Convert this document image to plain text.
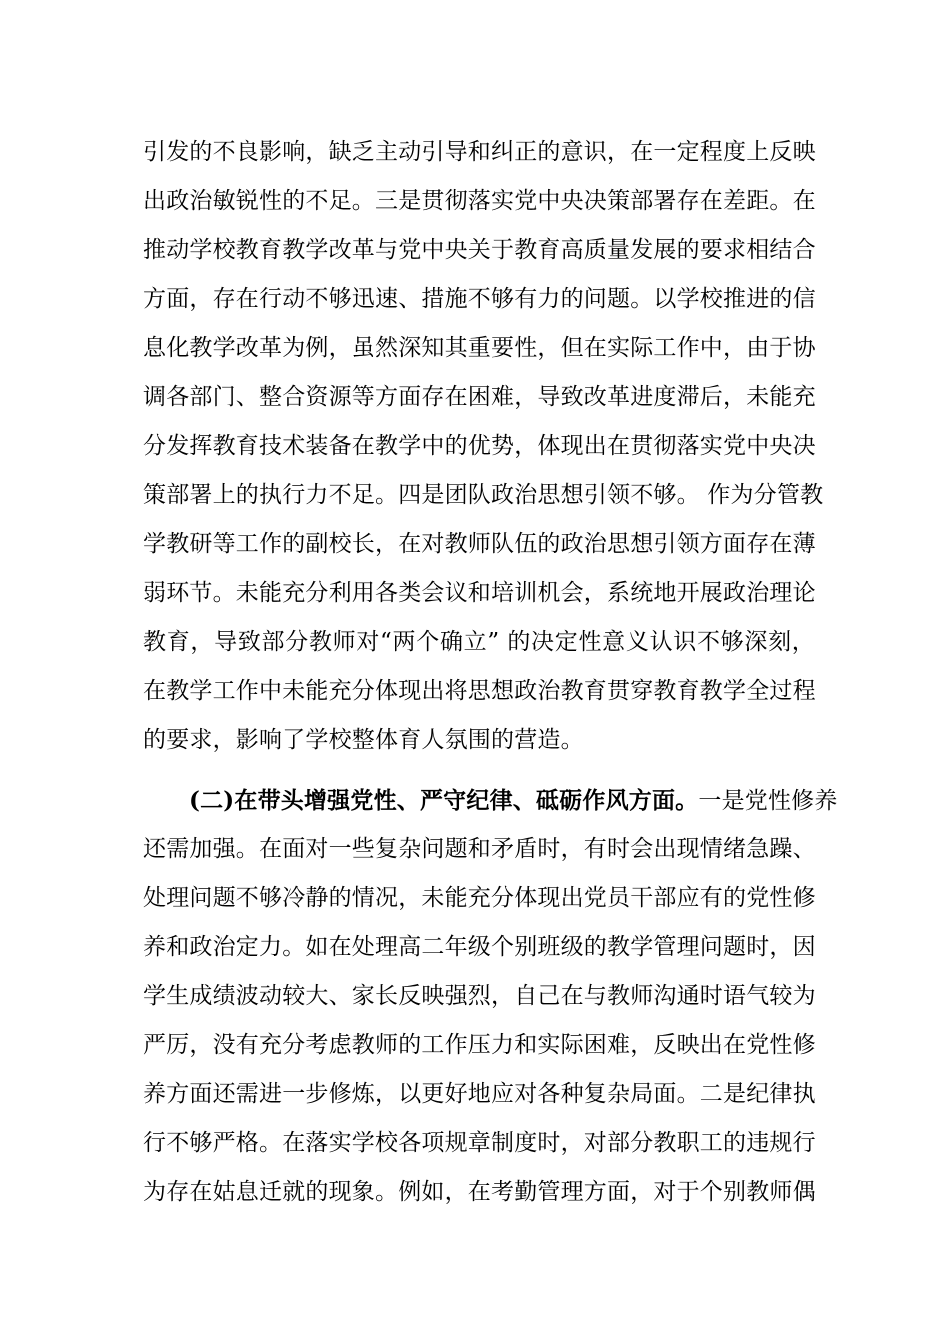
引发的不良影响，缺乏主动引导和纠正的意识，在一定程度上反映
出政治敏锐性的不足。三是贯彻落实党中央决策部署存在差距。在
推动学校教育教学改革与党中央关于教育高质量发展的要求相结合
方面，存在行动不够迅速、措施不够有力的问题。以学校推进的信
息化教学改革为例，虽然深知其重要性，但在实际工作中，由于协
调各部门、整合资源等方面存在困难，导致改革进度滞后，未能充
分发挥教育技术装备在教学中的优势，体现出在贯彻落实党中央决
策部署上的执行力不足。四是团队政治思想引领不够。 作为分管教
学教研等工作的副校长，在对教师队伍的政治思想引领方面存在薄
弱环节。未能充分利用各类会议和培训机会，系统地开展政治理论
教育，导致部分教师对“两个确立” 的决定性意义认识不够深刻，
在教学工作中未能充分体现出将思想政治教育贯穿教育教学全过程
的要求，影响了学校整体育人氛围的营造。
(二)在带头增强党性、严守纪律、砥砺作风方面。一是党性修养
还需加强。在面对一些复杂问题和矛盾时，有时会出现情绪急躁、
处理问题不够冷静的情况，未能充分体现出党员干部应有的党性修
养和政治定力。如在处理高二年级个别班级的教学管理问题时，因
学生成绩波动较大、家长反映强烈，自己在与教师沟通时语气较为
严厉，没有充分考虑教师的工作压力和实际困难，反映出在党性修
养方面还需进一步修炼，以更好地应对各种复杂局面。二是纪律执
行不够严格。在落实学校各项规章制度时，对部分教职工的违规行
为存在姑息迁就的现象。例如，在考勤管理方面，对于个别教师偶
